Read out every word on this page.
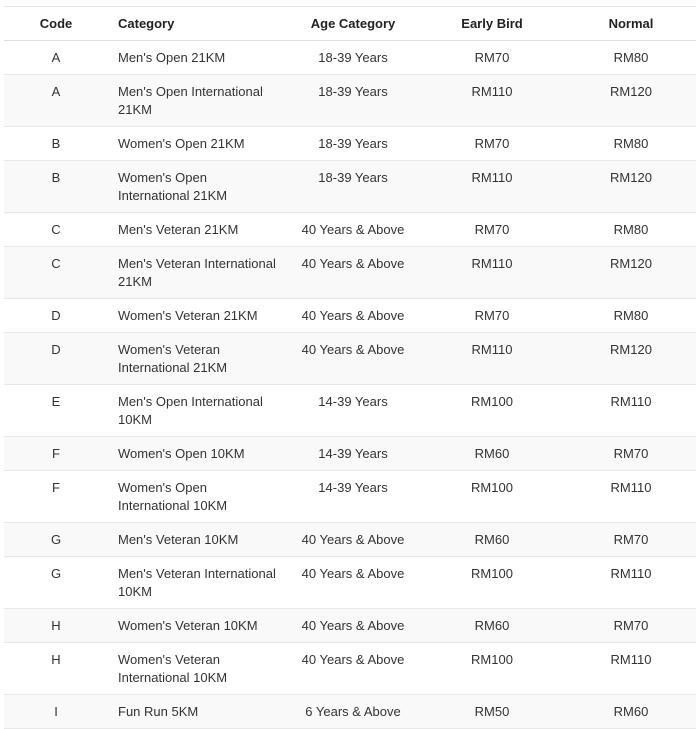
Code	Category	Age Category	Early Bird	Normal
A	Men's Open 21KM	18-39 Years	RM70	RM80
A	Men's Open International 21KM	18-39 Years	RM110	RM120
B	Women's Open 21KM	18-39 Years	RM70	RM80
B	Women's Open International 21KM	18-39 Years	RM110	RM120
C	Men's Veteran 21KM	40 Years & Above	RM70	RM80
C	Men's Veteran International 21KM	40 Years & Above	RM110	RM120
D	Women's Veteran 21KM	40 Years & Above	RM70	RM80
D	Women's Veteran International 21KM	40 Years & Above	RM110	RM120
E	Men's Open International 10KM	14-39 Years	RM100	RM110
F	Women's Open 10KM	14-39 Years	RM60	RM70
F	Women's Open International 10KM	14-39 Years	RM100	RM110
G	Men's Veteran 10KM	40 Years & Above	RM60	RM70
G	Men's Veteran International 10KM	40 Years & Above	RM100	RM110
H	Women's Veteran 10KM	40 Years & Above	RM60	RM70
H	Women's Veteran International 10KM	40 Years & Above	RM100	RM110
I	Fun Run 5KM	6 Years & Above	RM50	RM60
